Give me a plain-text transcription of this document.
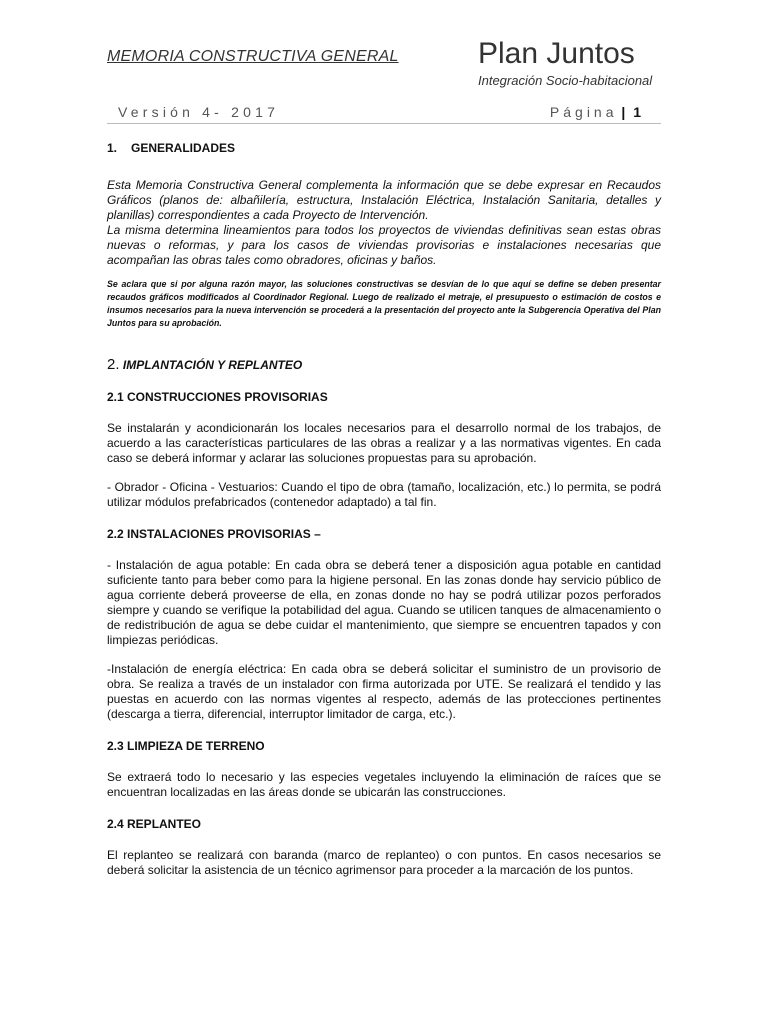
MEMORIA CONSTRUCTIVA GENERAL	Plan Juntos
Integración Socio-habitacional
Versión 4- 2017	Página | 1
1. GENERALIDADES

Esta Memoria Constructiva General complementa la información que se debe expresar en Recaudos Gráficos (planos de: albañilería, estructura, Instalación Eléctrica, Instalación Sanitaria, detalles y planillas) correspondientes a cada Proyecto de Intervención.

La misma determina lineamientos para todos los proyectos de viviendas definitivas sean estas obras nuevas o reformas, y para los casos de viviendas provisorias e instalaciones necesarias que acompañan las obras tales como obradores, oficinas y baños.

Se aclara que si por alguna razón mayor, las soluciones constructivas se desvían de lo que aquí se define se deben presentar recaudos gráficos modificados al Coordinador Regional. Luego de realizado el metraje, el presupuesto o estimación de costos e insumos necesarios para la nueva intervención se procederá a la presentación del proyecto ante la Subgerencia Operativa del Plan Juntos para su aprobación.

2. IMPLANTACIÓN Y REPLANTEO
2.1 CONSTRUCCIONES PROVISORIAS

Se instalarán y acondicionarán los locales necesarios para el desarrollo normal de los trabajos, de acuerdo a las características particulares de las obras a realizar y a las normativas vigentes. En cada caso se deberá informar y aclarar las soluciones propuestas para su aprobación.

- Obrador - Oficina - Vestuarios: Cuando el tipo de obra (tamaño, localización, etc.) lo permita, se podrá utilizar módulos prefabricados (contenedor adaptado) a tal fin.

2.2 INSTALACIONES PROVISORIAS –

- Instalación de agua potable: En cada obra se deberá tener a disposición agua potable en cantidad suficiente tanto para beber como para la higiene personal. En las zonas donde hay servicio público de agua corriente deberá proveerse de ella, en zonas donde no hay se podrá utilizar pozos perforados siempre y cuando se verifique la potabilidad del agua. Cuando se utilicen tanques de almacenamiento o de redistribución de agua se debe cuidar el mantenimiento, que siempre se encuentren tapados y con limpiezas periódicas.

-Instalación de energía eléctrica: En cada obra se deberá solicitar el suministro de un provisorio de obra. Se realiza a través de un instalador con firma autorizada por UTE. Se realizará el tendido y las puestas en acuerdo con las normas vigentes al respecto, además de las protecciones pertinentes (descarga a tierra, diferencial, interruptor limitador de carga, etc.).

2.3 LIMPIEZA DE TERRENO

Se extraerá todo lo necesario y las especies vegetales incluyendo la eliminación de raíces que se encuentran localizadas en las áreas donde se ubicarán las construcciones.

2.4 REPLANTEO

El replanteo se realizará con baranda (marco de replanteo) o con puntos. En casos necesarios se deberá solicitar la asistencia de un técnico agrimensor para proceder a la marcación de los puntos.
